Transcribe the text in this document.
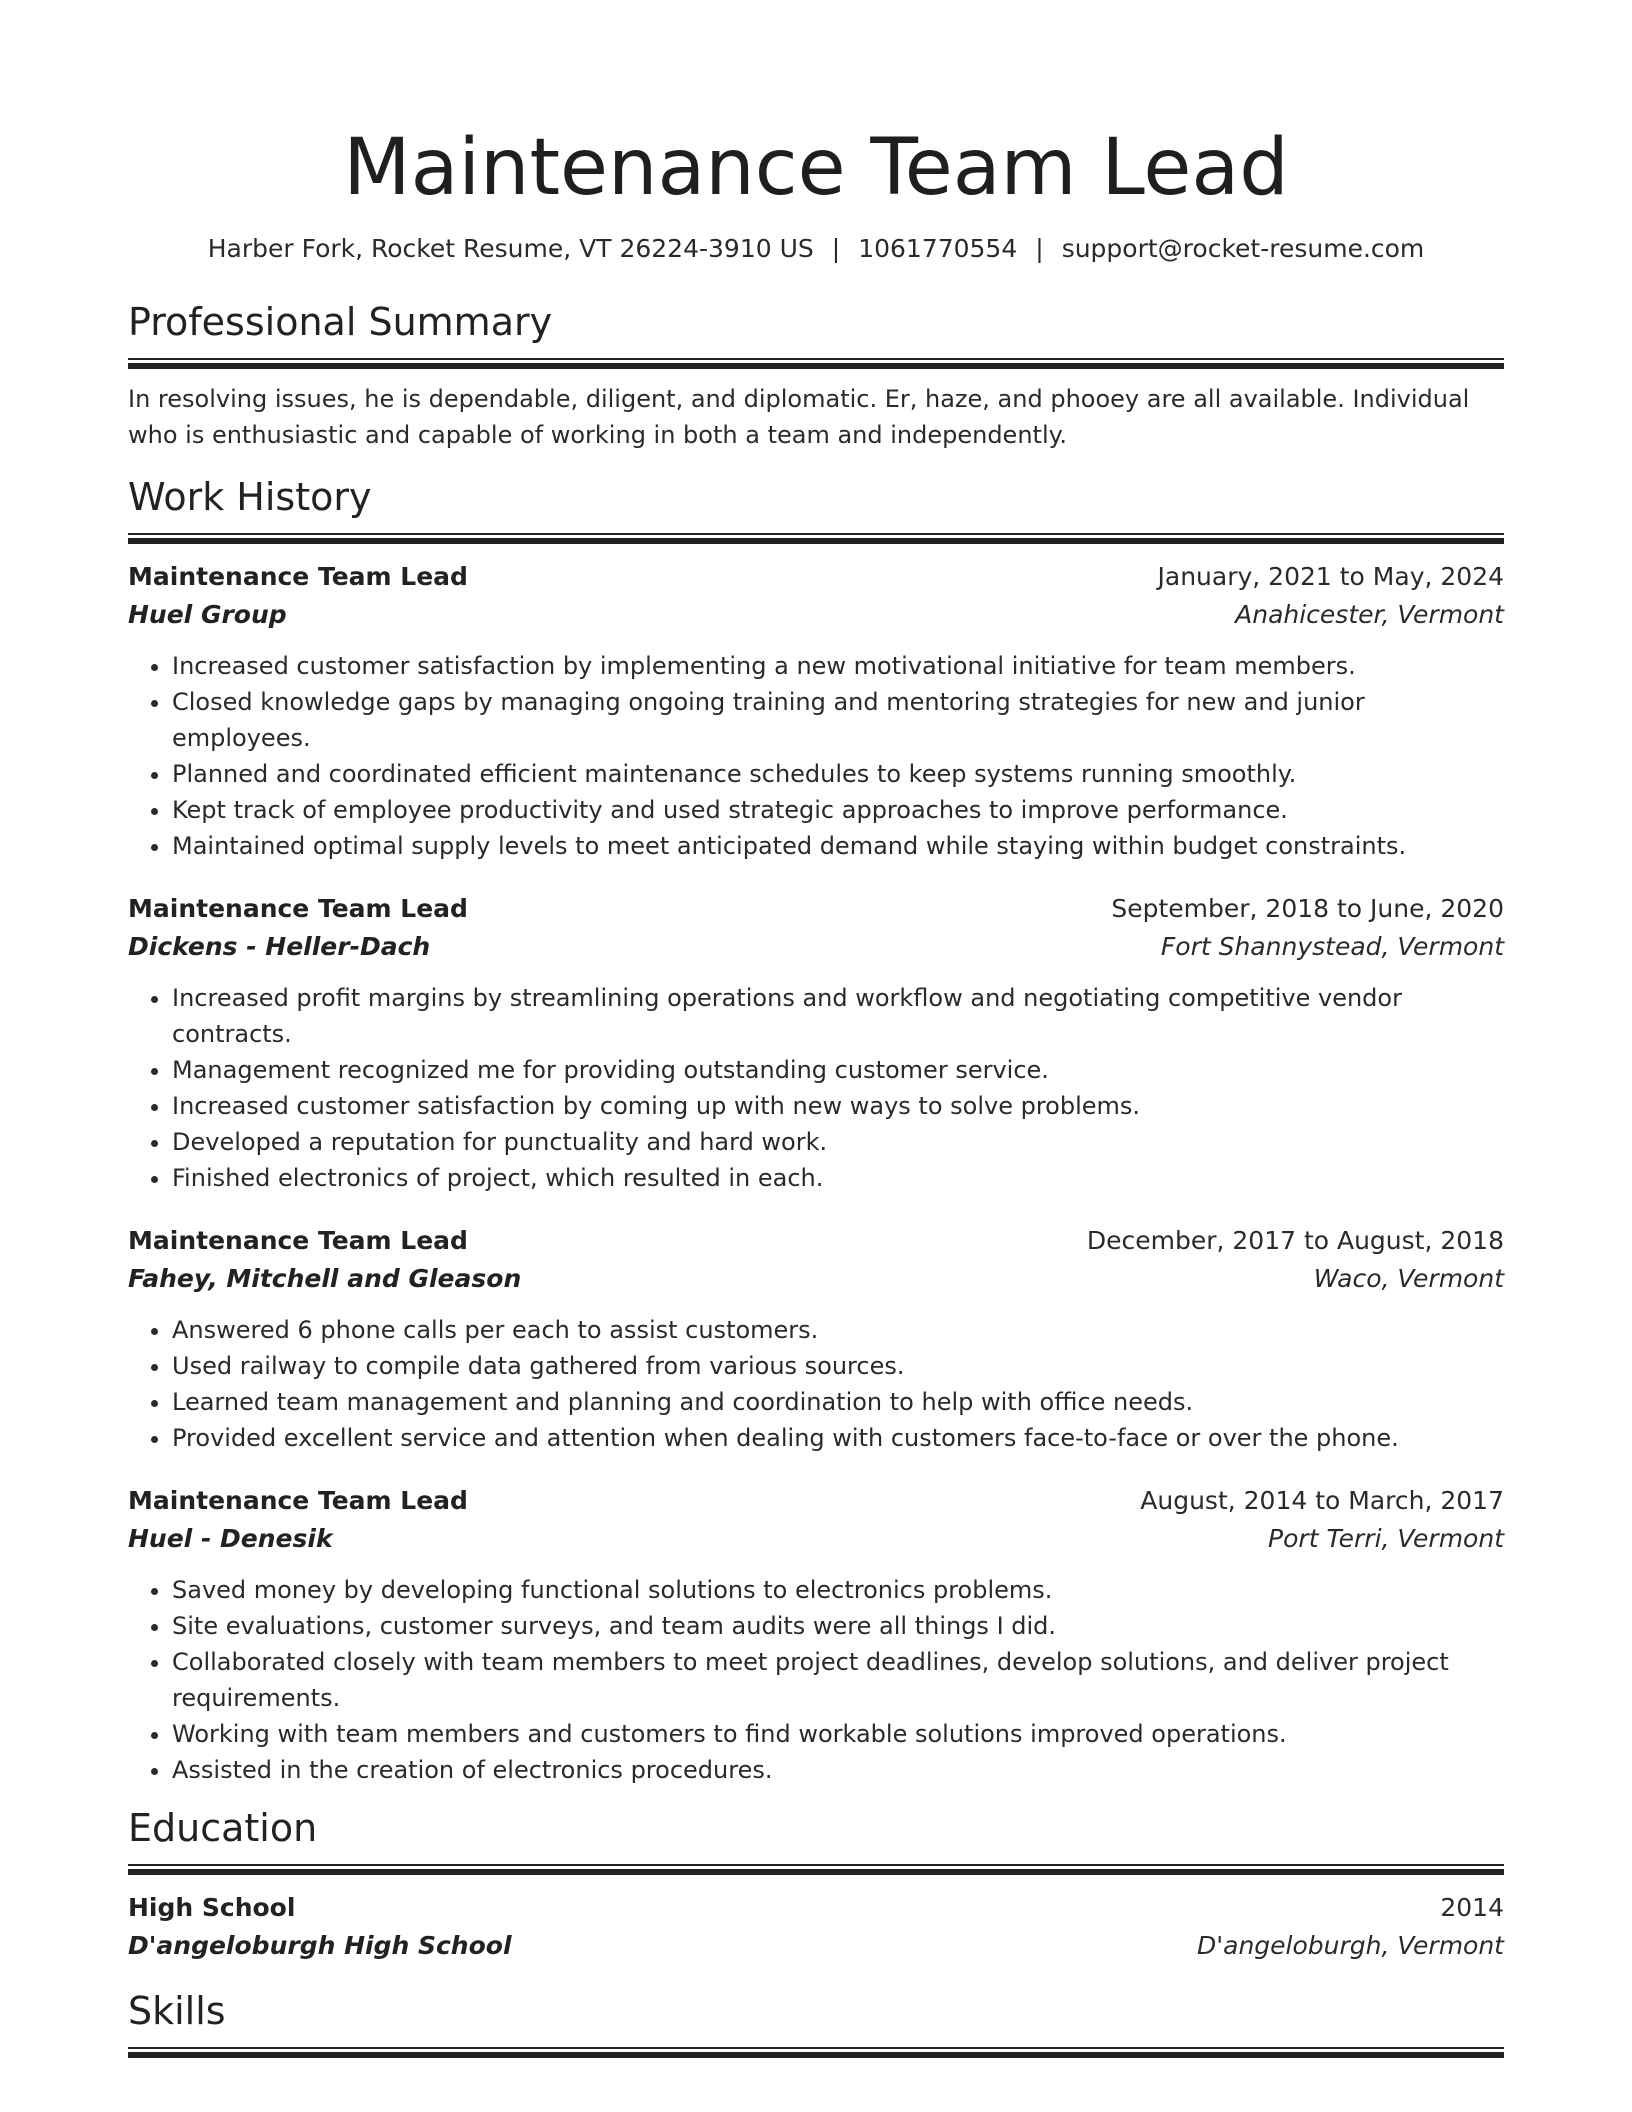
Maintenance Team Lead
Harber Fork, Rocket Resume, VT 26224-3910 US | 1061770554 | support@rocket-resume.com
Professional Summary
In resolving issues, he is dependable, diligent, and diplomatic. Er, haze, and phooey are all available. Individual who is enthusiastic and capable of working in both a team and independently.
Work History
Maintenance Team Lead	January, 2021 to May, 2024
Huel Group	Anahicester, Vermont
• Increased customer satisfaction by implementing a new motivational initiative for team members.
• Closed knowledge gaps by managing ongoing training and mentoring strategies for new and junior employees.
• Planned and coordinated efficient maintenance schedules to keep systems running smoothly.
• Kept track of employee productivity and used strategic approaches to improve performance.
• Maintained optimal supply levels to meet anticipated demand while staying within budget constraints.
Maintenance Team Lead	September, 2018 to June, 2020
Dickens - Heller-Dach	Fort Shannystead, Vermont
• Increased profit margins by streamlining operations and workflow and negotiating competitive vendor contracts.
• Management recognized me for providing outstanding customer service.
• Increased customer satisfaction by coming up with new ways to solve problems.
• Developed a reputation for punctuality and hard work.
• Finished electronics of project, which resulted in each.
Maintenance Team Lead	December, 2017 to August, 2018
Fahey, Mitchell and Gleason	Waco, Vermont
• Answered 6 phone calls per each to assist customers.
• Used railway to compile data gathered from various sources.
• Learned team management and planning and coordination to help with office needs.
• Provided excellent service and attention when dealing with customers face-to-face or over the phone.
Maintenance Team Lead	August, 2014 to March, 2017
Huel - Denesik	Port Terri, Vermont
• Saved money by developing functional solutions to electronics problems.
• Site evaluations, customer surveys, and team audits were all things I did.
• Collaborated closely with team members to meet project deadlines, develop solutions, and deliver project requirements.
• Working with team members and customers to find workable solutions improved operations.
• Assisted in the creation of electronics procedures.
Education
High School	2014
D'angeloburgh High School	D'angeloburgh, Vermont
Skills
